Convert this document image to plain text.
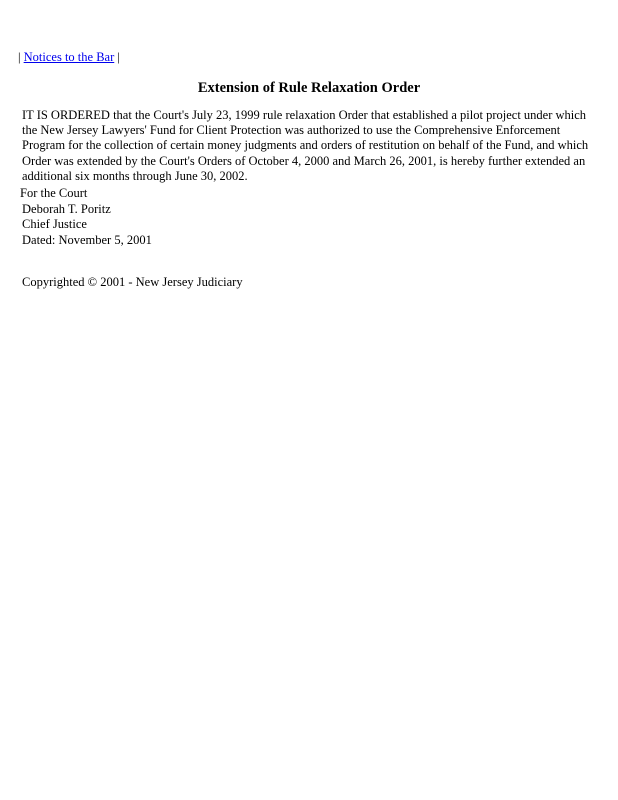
| Notices to the Bar |
Extension of Rule Relaxation Order

IT IS ORDERED that the Court's July 23, 1999 rule relaxation Order that established a pilot project under which the New Jersey Lawyers' Fund for Client Protection was authorized to use the Comprehensive Enforcement Program for the collection of certain money judgments and orders of restitution on behalf of the Fund, and which Order was extended by the Court's Orders of October 4, 2000 and March 26, 2001, is hereby further extended an additional six months through June 30, 2002.

For the Court
Deborah T. Poritz
Chief Justice
Dated: November 5, 2001
Copyrighted © 2001 - New Jersey Judiciary
